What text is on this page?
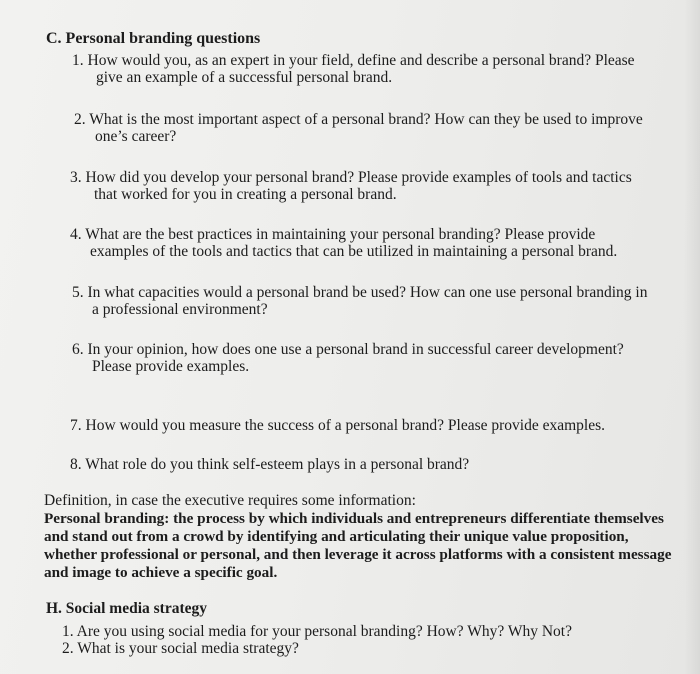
C. Personal branding questions
1. How would you, as an expert in your field, define and describe a personal brand? Please
give an example of a successful personal brand.
2. What is the most important aspect of a personal brand? How can they be used to improve
one’s career?
3. How did you develop your personal brand? Please provide examples of tools and tactics
that worked for you in creating a personal brand.
4. What are the best practices in maintaining your personal branding? Please provide
examples of the tools and tactics that can be utilized in maintaining a personal brand.
5. In what capacities would a personal brand be used? How can one use personal branding in
a professional environment?
6. In your opinion, how does one use a personal brand in successful career development?
Please provide examples.
7. How would you measure the success of a personal brand? Please provide examples.
8. What role do you think self-esteem plays in a personal brand?
Definition, in case the executive requires some information:
Personal branding: the process by which individuals and entrepreneurs differentiate themselves and stand out from a crowd by identifying and articulating their unique value proposition, whether professional or personal, and then leverage it across platforms with a consistent message and image to achieve a specific goal.
H. Social media strategy
1. Are you using social media for your personal branding? How? Why? Why Not?
2. What is your social media strategy?
